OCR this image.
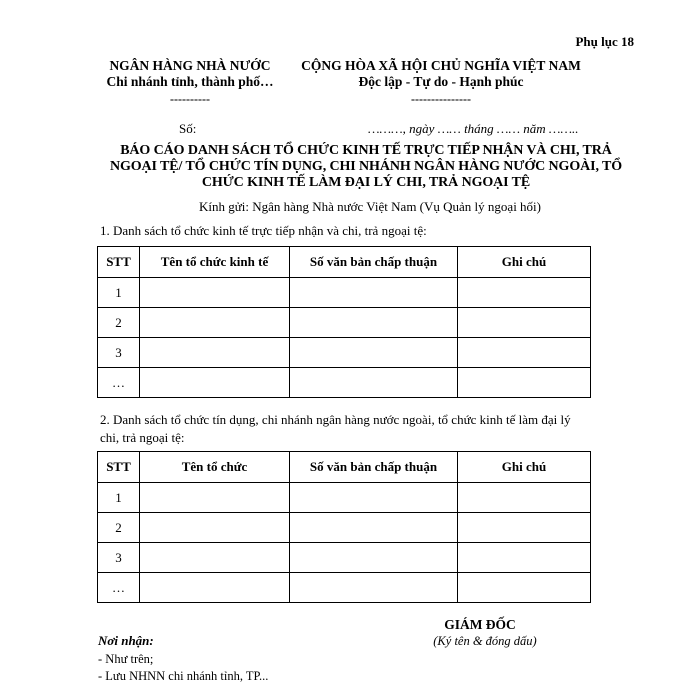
Phụ lục 18
NGÂN HÀNG NHÀ NƯỚC
Chi nhánh tỉnh, thành phố…
----------
CỘNG HÒA XÃ HỘI CHỦ NGHĨA VIỆT NAM
Độc lập - Tự do - Hạnh phúc
---------------
Số:	………, ngày …… tháng …… năm ……..
BÁO CÁO DANH SÁCH TỔ CHỨC KINH TẾ TRỰC TIẾP NHẬN VÀ CHI, TRẢ
NGOẠI TỆ/ TỔ CHỨC TÍN DỤNG, CHI NHÁNH NGÂN HÀNG NƯỚC NGOÀI, TỔ
CHỨC KINH TẾ LÀM ĐẠI LÝ CHI, TRẢ NGOẠI TỆ
Kính gửi: Ngân hàng Nhà nước Việt Nam (Vụ Quản lý ngoại hối)
1. Danh sách tổ chức kinh tế trực tiếp nhận và chi, trả ngoại tệ:
STT	Tên tổ chức kinh tế	Số văn bản chấp thuận	Ghi chú
1			
2			
3			
…			
2. Danh sách tổ chức tín dụng, chi nhánh ngân hàng nước ngoài, tổ chức kinh tế làm đại lý
chi, trả ngoại tệ:
STT	Tên tổ chức	Số văn bản chấp thuận	Ghi chú
1			
2			
3			
…			
GIÁM ĐỐC
(Ký tên & đóng dấu)
Nơi nhận:
- Như trên;
- Lưu NHNN chi nhánh tỉnh, TP...
